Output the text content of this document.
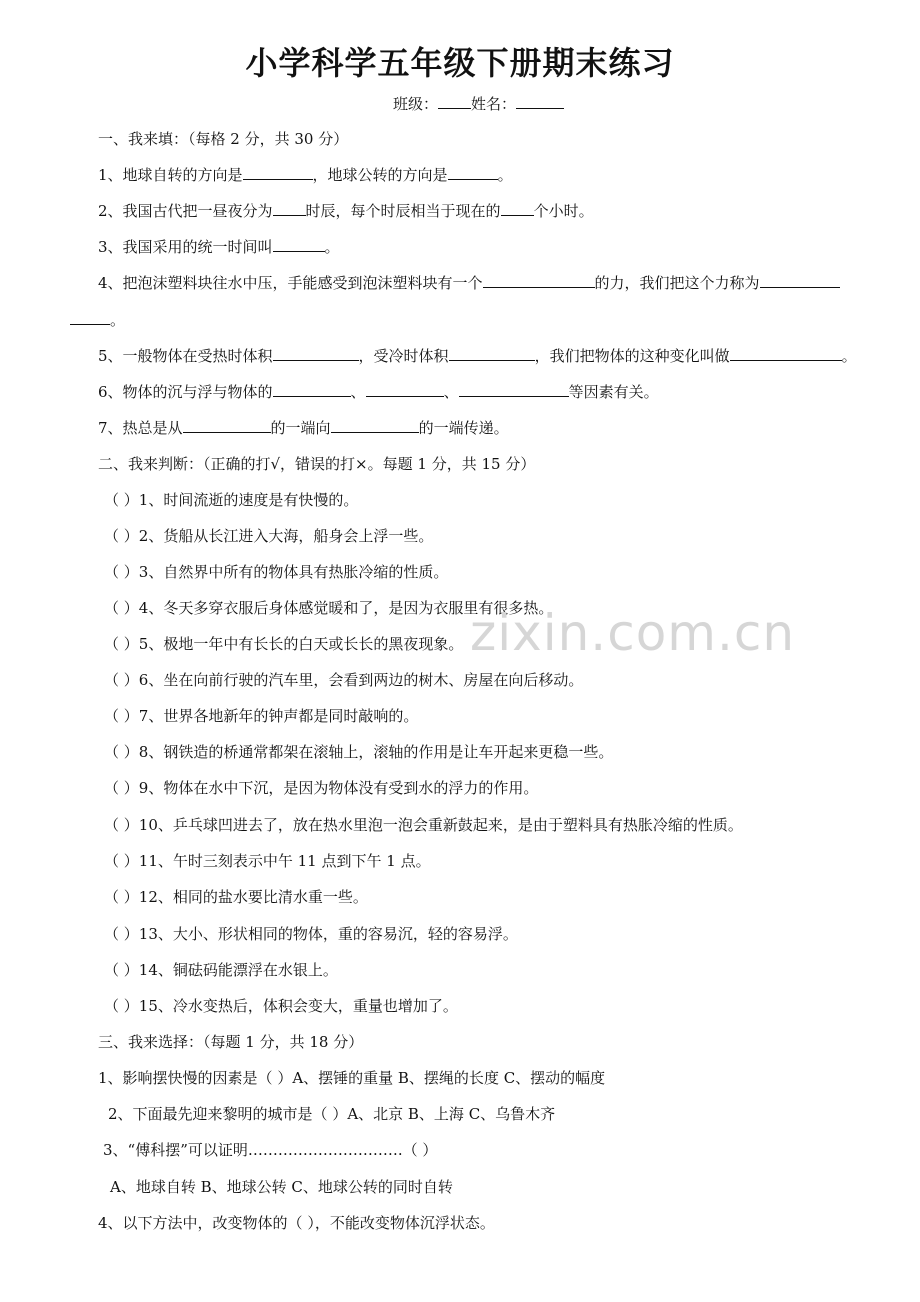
小学科学五年级下册期末练习
班级： 姓名：
一、我来填：（每格 2 分，共 30 分）
1、地球自转的方向是	，地球公转的方向是	。
2、我国古代把一昼夜分为 时辰，每个时辰相当于现在的 个小时。
3、我国采用的统一时间叫	。
4、把泡沫塑料块往水中压，手能感受到泡沫塑料块有一个	的力，我们把这个力称为
。
5、一般物体在受热时体积	，受冷时体积	，我们把物体的这种变化叫做	。
6、物体的沉与浮与物体的	、	、	等因素有关。
7、热总是从	的一端向	的一端传递。
二、我来判断：（正确的打√，错误的打×。每题 1 分，共 15 分）
（ ）1、时间流逝的速度是有快慢的。
（ ）2、货船从长江进入大海，船身会上浮一些。
（ ）3、自然界中所有的物体具有热胀冷缩的性质。
（ ）4、冬天多穿衣服后身体感觉暖和了，是因为衣服里有很多热。
（ ）5、极地一年中有长长的白天或长长的黑夜现象。
（ ）6、坐在向前行驶的汽车里，会看到两边的树木、房屋在向后移动。
（ ）7、世界各地新年的钟声都是同时敲响的。
（ ）8、钢铁造的桥通常都架在滚轴上，滚轴的作用是让车开起来更稳一些。
（ ）9、物体在水中下沉，是因为物体没有受到水的浮力的作用。
（ ）10、乒乓球凹进去了，放在热水里泡一泡会重新鼓起来，是由于塑料具有热胀冷缩的性质。
（ ）11、午时三刻表示中午 11 点到下午 1 点。
（ ）12、相同的盐水要比清水重一些。
（ ）13、大小、形状相同的物体，重的容易沉，轻的容易浮。
（ ）14、铜砝码能漂浮在水银上。
（ ）15、冷水变热后，体积会变大，重量也增加了。
三、我来选择：（每题 1 分，共 18 分）
1、影响摆快慢的因素是（ ）A、摆锤的重量 B、摆绳的长度 C、摆动的幅度
2、下面最先迎来黎明的城市是（ ）A、北京 B、上海 C、乌鲁木齐
3、“傅科摆”可以证明………………………….（ ）
A、地球自转 B、地球公转 C、地球公转的同时自转
4、以下方法中，改变物体的（ ），不能改变物体沉浮状态。
zixin.com.cn
